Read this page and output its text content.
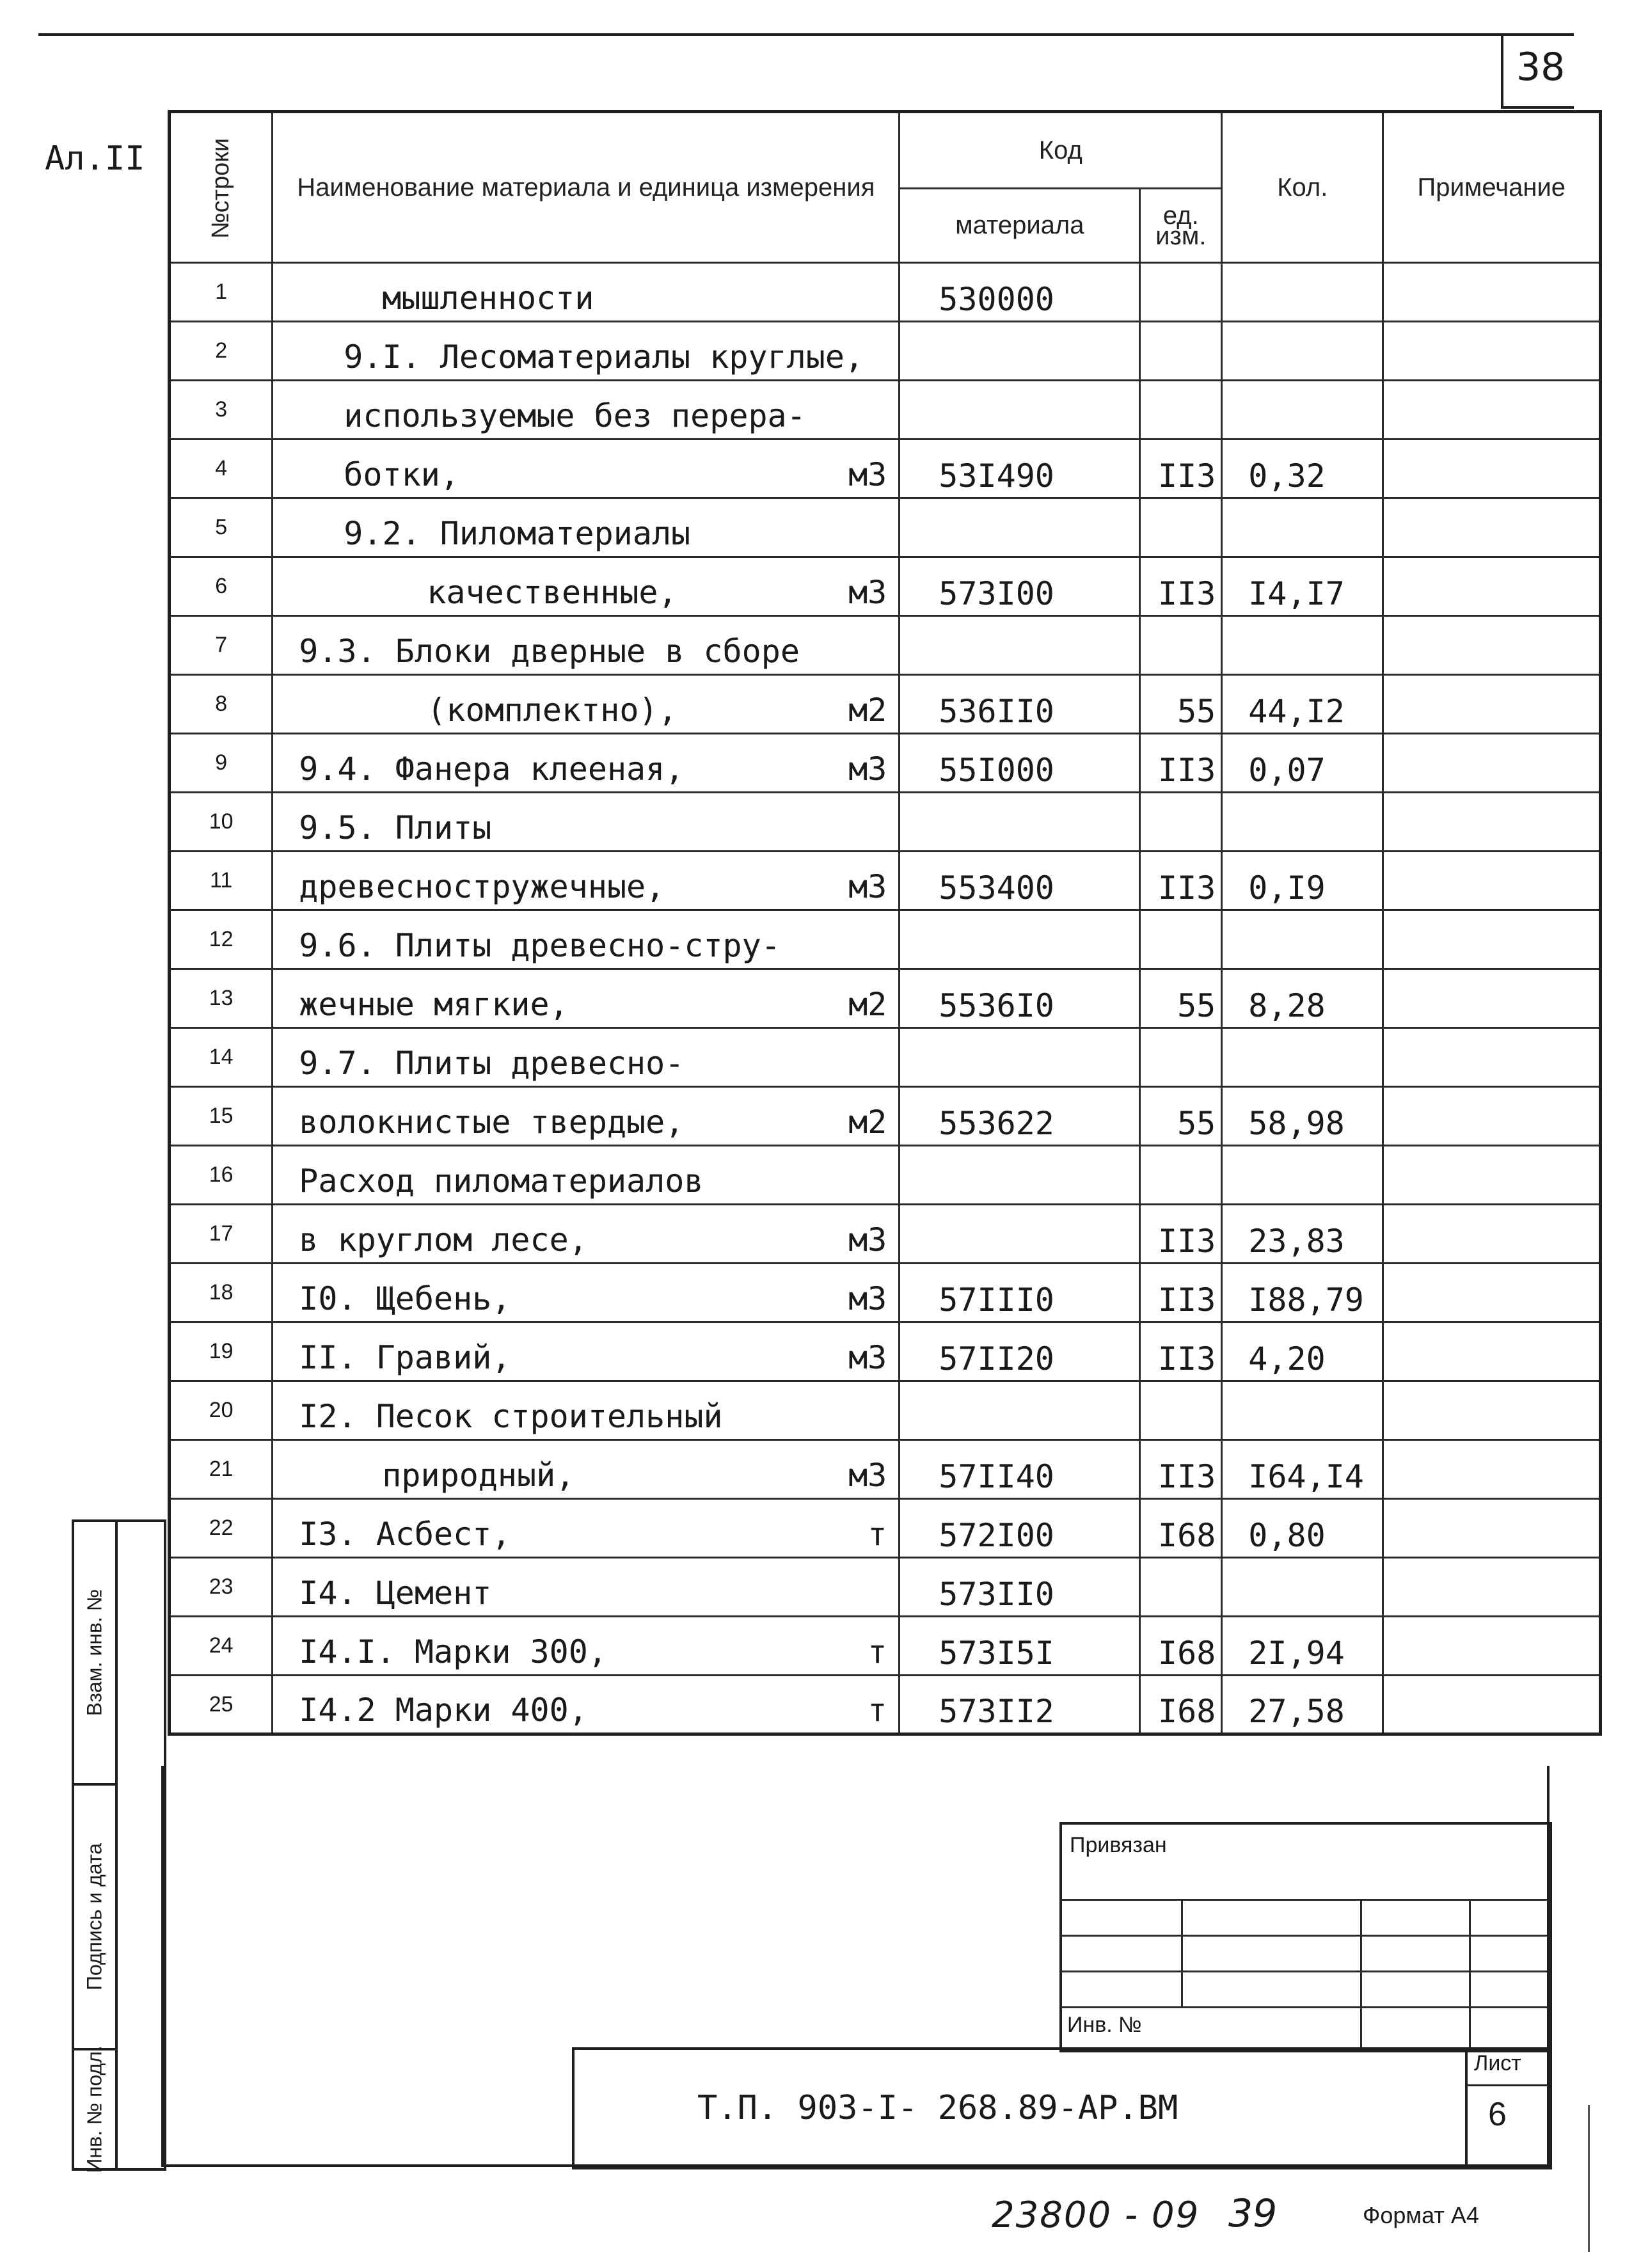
38
Ал.II	№строки	Наименование материала и единица измерения	Код		Кол.	Примечание
		материала	ед. изм.		
1	мышленности	530000			
2	9.I. Лесоматериалы круглые,				

3	используемые без перера-				

4	ботки, м3	53I490	II3	0,32	
5	9.2. Пиломатериалы				

6	качественные, м3	573I00	II3	I4,I7	
7	9.3. Блоки дверные в сборе				

8	(комплектно), м2	536II0	55	44,I2	
9	9.4. Фанера клееная, м3	55I000	II3	0,07	
10	9.5. Плиты				

11	древесностружечные, м3	553400	II3	0,I9	
12	9.6. Плиты древесно-стру-				

13	жечные мягкие, м2	5536I0	55	8,28	
14	9.7. Плиты древесно-				

15	волокнистые твердые, м2	553622	55	58,98	
16	Расход пиломатериалов				

17	в круглом лесе, м3		II3	23,83	
18	I0. Щебень, м3	57III0	II3	I88,79	
19	II. Гравий, м3	57II20	II3	4,20	
20	I2. Песок строительный				

21	природный, м3	57II40	II3	I64,I4	
22	I3. Асбест, т	572I00	I68	0,80	
23	I4. Цемент	573II0			
24	I4.I. Марки 300, т	573I5I	I68	2I,94	
25	I4.2 Марки 400, т	573II2	I68	27,58	
Взам. инв. №
Подпись и дата
Инв. № подл.
Привязан
Инв. №
Т.П. 903-I- 268.89-АР.ВМ
Лист
6
23800 - 09 39	Формат А4
